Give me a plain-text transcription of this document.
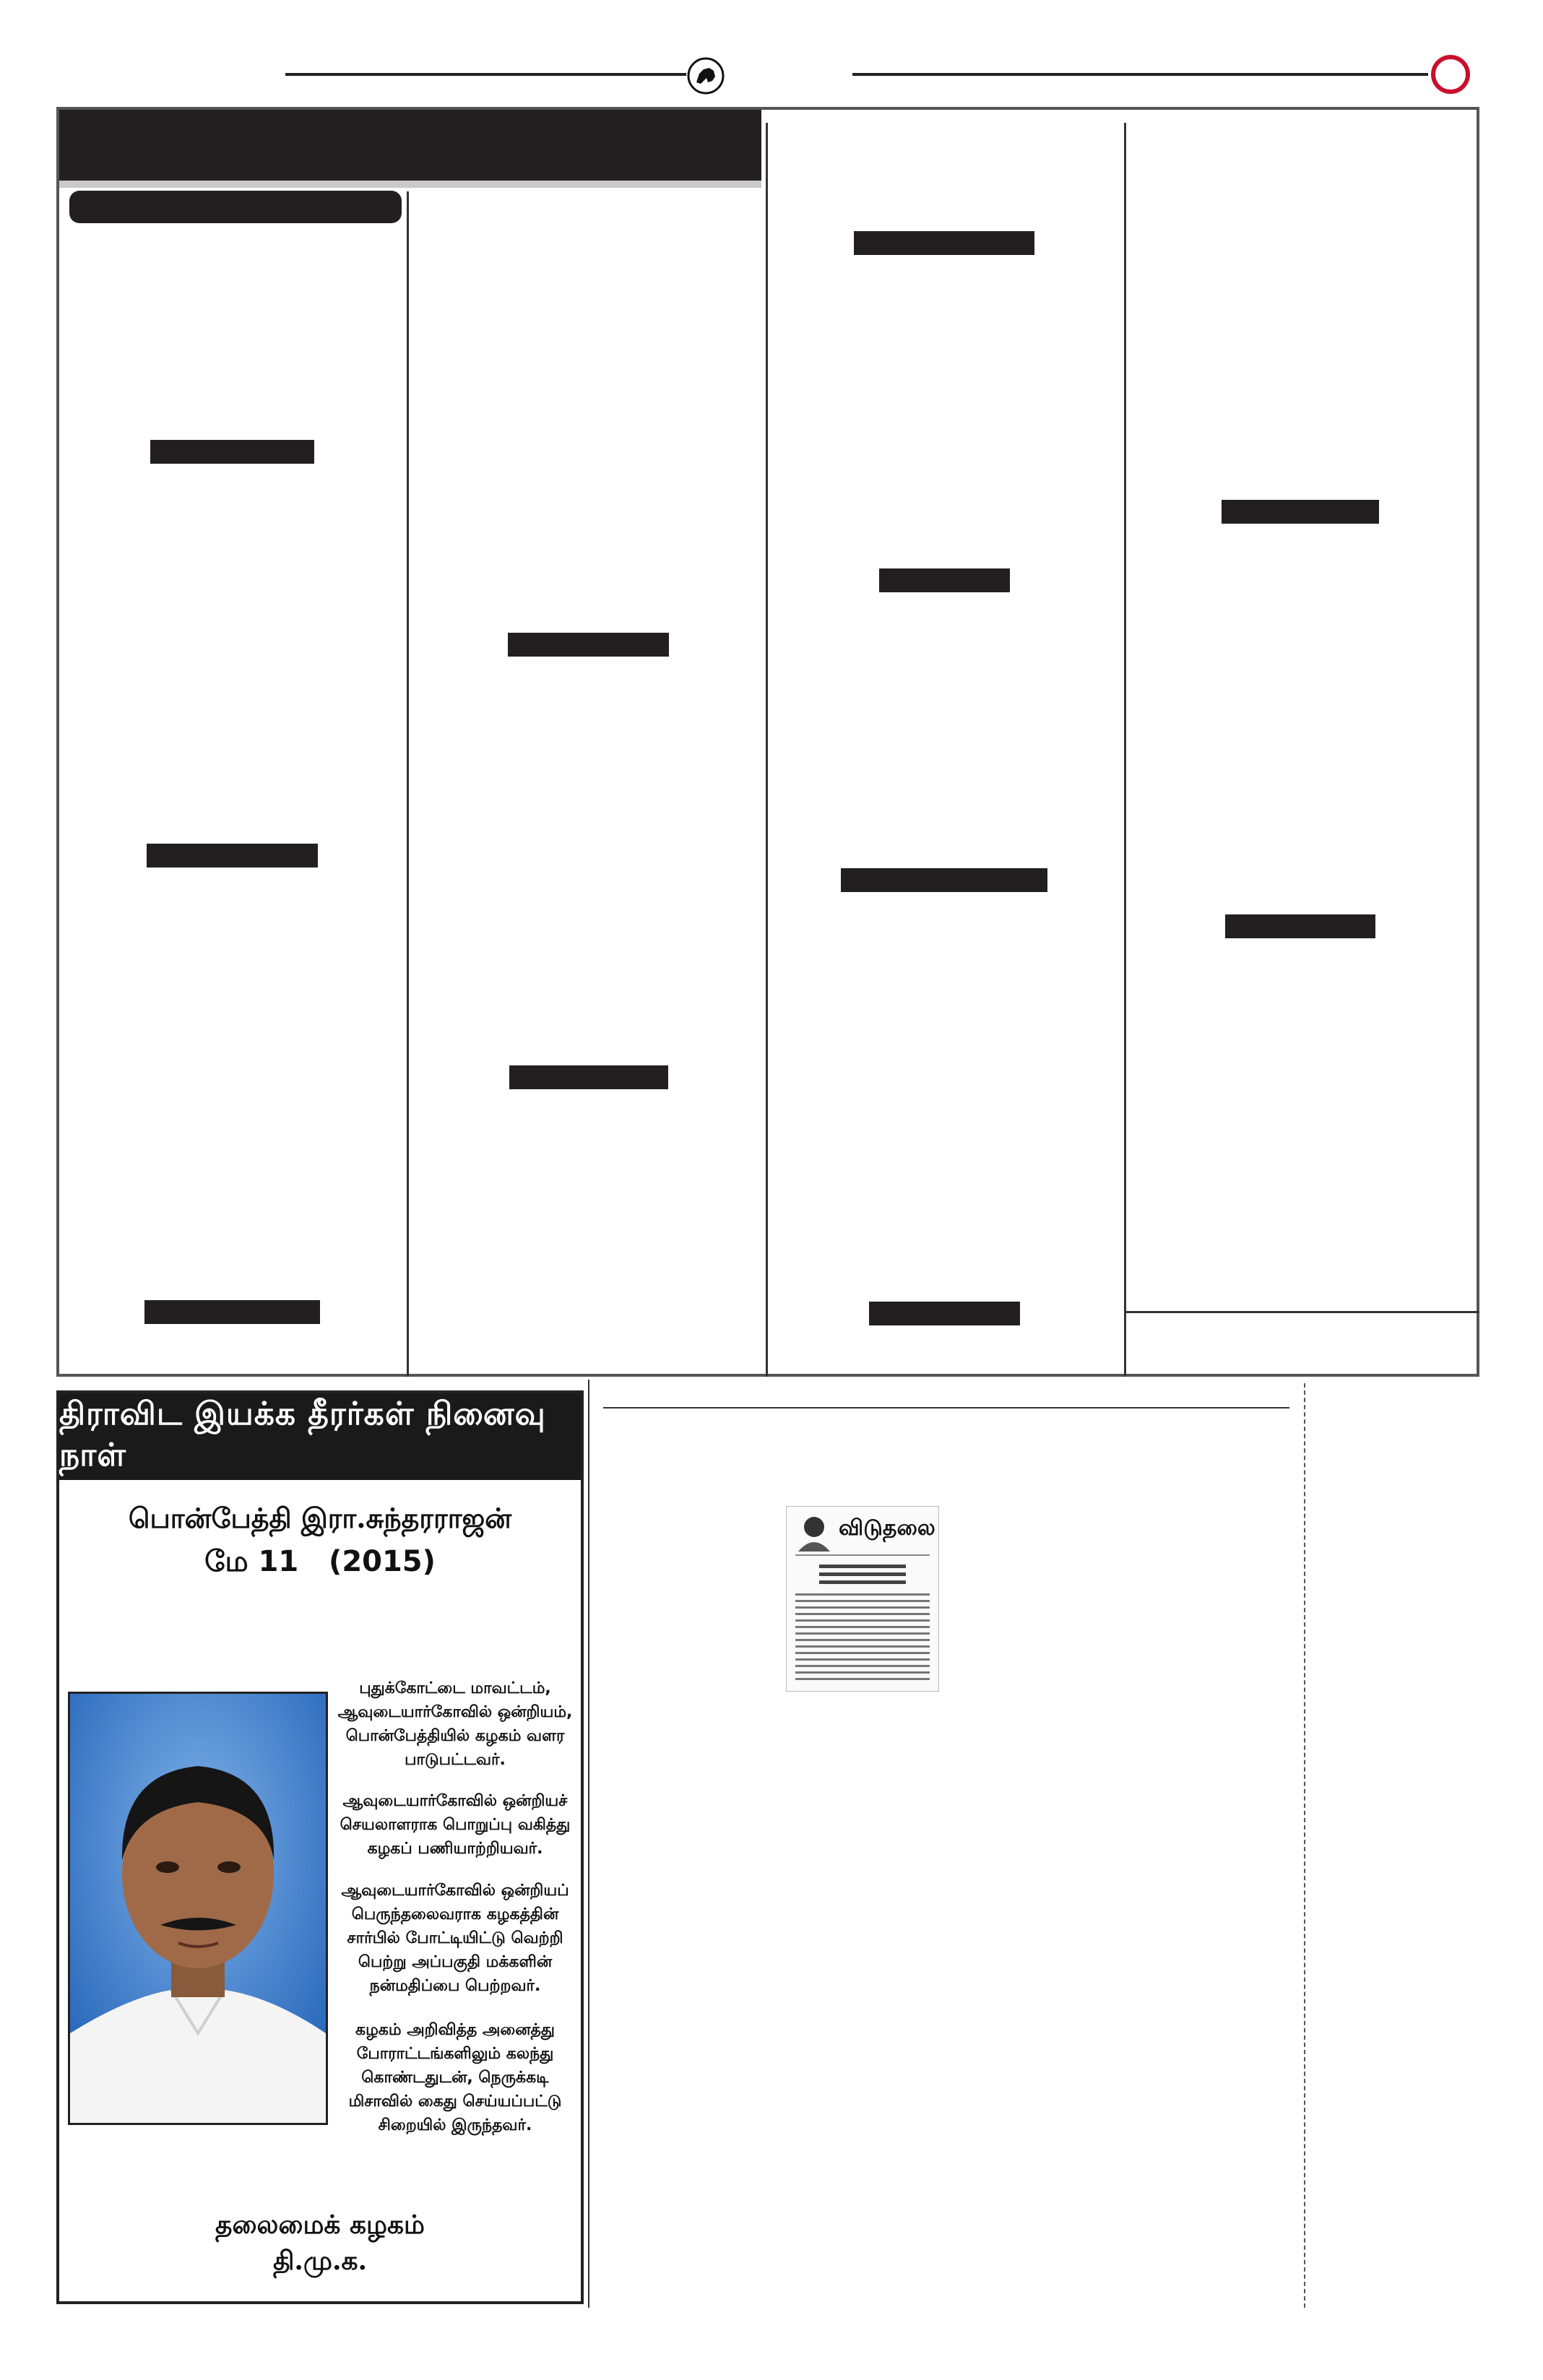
திராவிட இயக்க தீரர்கள் நினைவு நாள்
பொன்பேத்தி இரா.சுந்தரராஜன்
மே 11   (2015)
புதுக்கோட்டை மாவட்டம், ஆவுடையார்கோவில் ஒன்றியம், பொன்பேத்தியில் கழகம் வளர பாடுபட்டவர்.
ஆவுடையார்கோவில் ஒன்றியச் செயலாளராக பொறுப்பு வகித்து கழகப் பணியாற்றியவர்.
ஆவுடையார்கோவில் ஒன்றியப் பெருந்தலைவராக கழகத்தின் சார்பில் போட்டியிட்டு வெற்றி பெற்று அப்பகுதி மக்களின் நன்மதிப்பை பெற்றவர்.
கழகம் அறிவித்த அனைத்து போராட்டங்களிலும் கலந்து கொண்டதுடன், நெருக்கடி மிசாவில் கைது செய்யப்பட்டு சிறையில் இருந்தவர்.
தலைமைக் கழகம்
தி.மு.க.
விடுதலை
